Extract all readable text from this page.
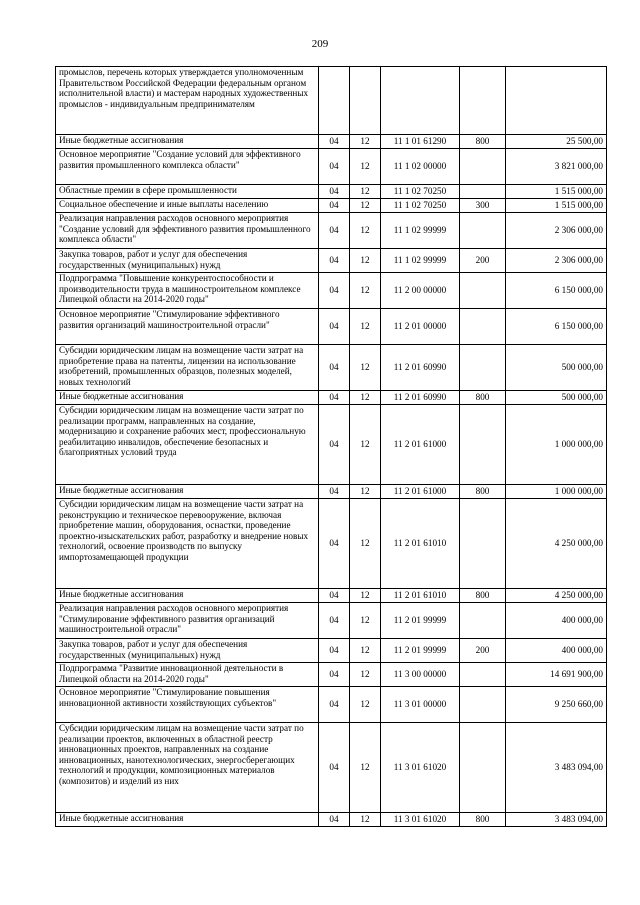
209
промыслов, перечень которых утверждается уполномоченным Правительством Российской Федерации федеральным органом исполнительной власти) и мастерам народных художественных промыслов - индивидуальным предпринимателям					
Иные бюджетные ассигнования	04	12	11 1 01 61290	800	25 500,00
Основное мероприятие "Создание условий для эффективного развития промышленного комплекса области"	04	12	11 1 02 00000		3 821 000,00
Областные премии в сфере промышленности	04	12	11 1 02 70250		1 515 000,00
Социальное обеспечение и иные выплаты населению	04	12	11 1 02 70250	300	1 515 000,00
Реализация направления расходов основного мероприятия "Создание условий для эффективного развития промышленного комплекса области"	04	12	11 1 02 99999		2 306 000,00
Закупка товаров, работ и услуг для обеспечения государственных (муниципальных) нужд	04	12	11 1 02 99999	200	2 306 000,00
Подпрограмма "Повышение конкурентоспособности и производительности труда в машиностроительном комплексе Липецкой области на 2014-2020 годы"	04	12	11 2 00 00000		6 150 000,00
Основное мероприятие "Стимулирование эффективного развития организаций машиностроительной отрасли"	04	12	11 2 01 00000		6 150 000,00
Субсидии юридическим лицам на возмещение части затрат на приобретение права на патенты, лицензии на использование изобретений, промышленных образцов, полезных моделей, новых технологий	04	12	11 2 01 60990		500 000,00
Иные бюджетные ассигнования	04	12	11 2 01 60990	800	500 000,00
Субсидии юридическим лицам на возмещение части затрат по реализации программ, направленных на создание, модернизацию и сохранение рабочих мест, профессиональную реабилитацию инвалидов, обеспечение безопасных и благоприятных условий труда	04	12	11 2 01 61000		1 000 000,00
Иные бюджетные ассигнования	04	12	11 2 01 61000	800	1 000 000,00
Субсидии юридическим лицам на возмещение части затрат на реконструкцию и техническое перевооружение, включая приобретение машин, оборудования, оснастки, проведение проектно-изыскательских работ, разработку и внедрение новых технологий, освоение производств по выпуску импортозамещающей продукции	04	12	11 2 01 61010		4 250 000,00
Иные бюджетные ассигнования	04	12	11 2 01 61010	800	4 250 000,00
Реализация направления расходов основного мероприятия "Стимулирование эффективного развития организаций машиностроительной отрасли"	04	12	11 2 01 99999		400 000,00
Закупка товаров, работ и услуг для обеспечения государственных (муниципальных) нужд	04	12	11 2 01 99999	200	400 000,00
Подпрограмма "Развитие инновационной деятельности в Липецкой области на 2014-2020 годы"	04	12	11 3 00 00000		14 691 900,00
Основное мероприятие "Стимулирование повышения инновационной активности хозяйствующих субъектов"	04	12	11 3 01 00000		9 250 660,00
Субсидии юридическим лицам на возмещение части затрат по реализации проектов, включенных в областной реестр инновационных проектов, направленных на создание инновационных, нанотехнологических, энергосберегающих технологий и продукции, композиционных материалов (композитов) и изделий из них	04	12	11 3 01 61020		3 483 094,00
Иные бюджетные ассигнования	04	12	11 3 01 61020	800	3 483 094,00
